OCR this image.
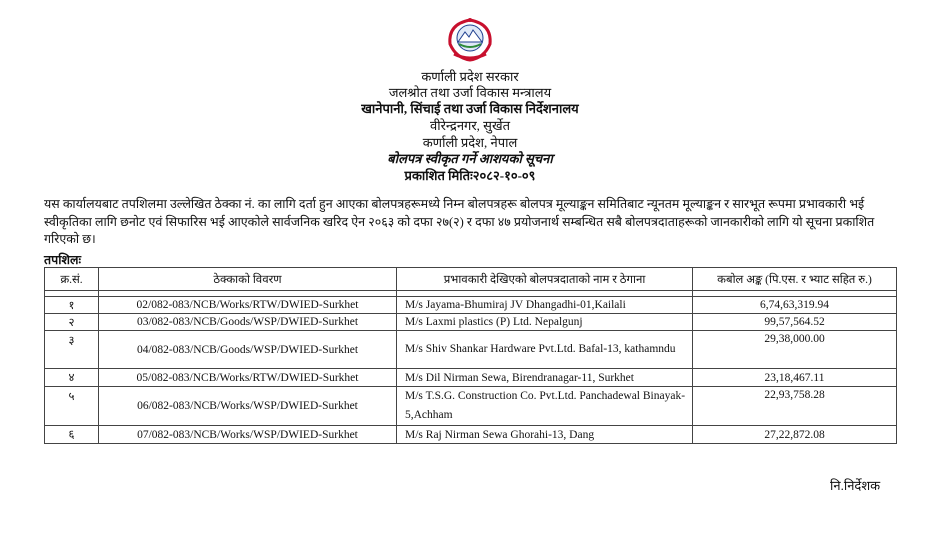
कर्णाली प्रदेश सरकार
जलश्रोत तथा उर्जा विकास मन्त्रालय
खानेपानी, सिंचाई तथा उर्जा विकास निर्देशनालय
वीरेन्द्रनगर, सुर्खेत
कर्णाली प्रदेश, नेपाल
बोलपत्र स्वीकृत गर्ने आशयको सूचना
प्रकाशित मितिः२०८२-१०-०९
यस कार्यालयबाट तपशिलमा उल्लेखित ठेक्का नं. का लागि दर्ता हुन आएका बोलपत्रहरूमध्ये निम्न बोलपत्रहरू बोलपत्र मूल्याङ्कन समितिबाट न्यूनतम मूल्याङ्कन र सारभूत रूपमा प्रभावकारी भई स्वीकृतिका लागि छनोट एवं सिफारिस भई आएकोले सार्वजनिक खरिद ऐन २०६३ को दफा २७(२) र दफा ४७ प्रयोजनार्थ सम्बन्धित सबै बोलपत्रदाताहरूको जानकारीको लागि यो सूचना प्रकाशित गरिएको छ।
तपशिलः
क्र.सं.	ठेक्काको विवरण	प्रभावकारी देखिएको बोलपत्रदाताको नाम र ठेगाना	कबोल अङ्क (पि.एस. र भ्याट सहित रु.)

१	02/082-083/NCB/Works/RTW/DWIED-Surkhet	M/s Jayama-Bhumiraj JV Dhangadhi-01,Kailali	6,74,63,319.94
२	03/082-083/NCB/Goods/WSP/DWIED-Surkhet	M/s Laxmi plastics (P) Ltd. Nepalgunj	99,57,564.52
३	04/082-083/NCB/Goods/WSP/DWIED-Surkhet	M/s Shiv Shankar Hardware Pvt.Ltd. Bafal-13, kathamndu	29,38,000.00
४	05/082-083/NCB/Works/RTW/DWIED-Surkhet	M/s Dil Nirman Sewa, Birendranagar-11, Surkhet	23,18,467.11
५	06/082-083/NCB/Works/WSP/DWIED-Surkhet	M/s T.S.G. Construction Co. Pvt.Ltd. Panchadewal Binayak-5,Achham	22,93,758.28
६	07/082-083/NCB/Works/WSP/DWIED-Surkhet	M/s Raj Nirman Sewa Ghorahi-13, Dang	27,22,872.08
नि.निर्देशक
